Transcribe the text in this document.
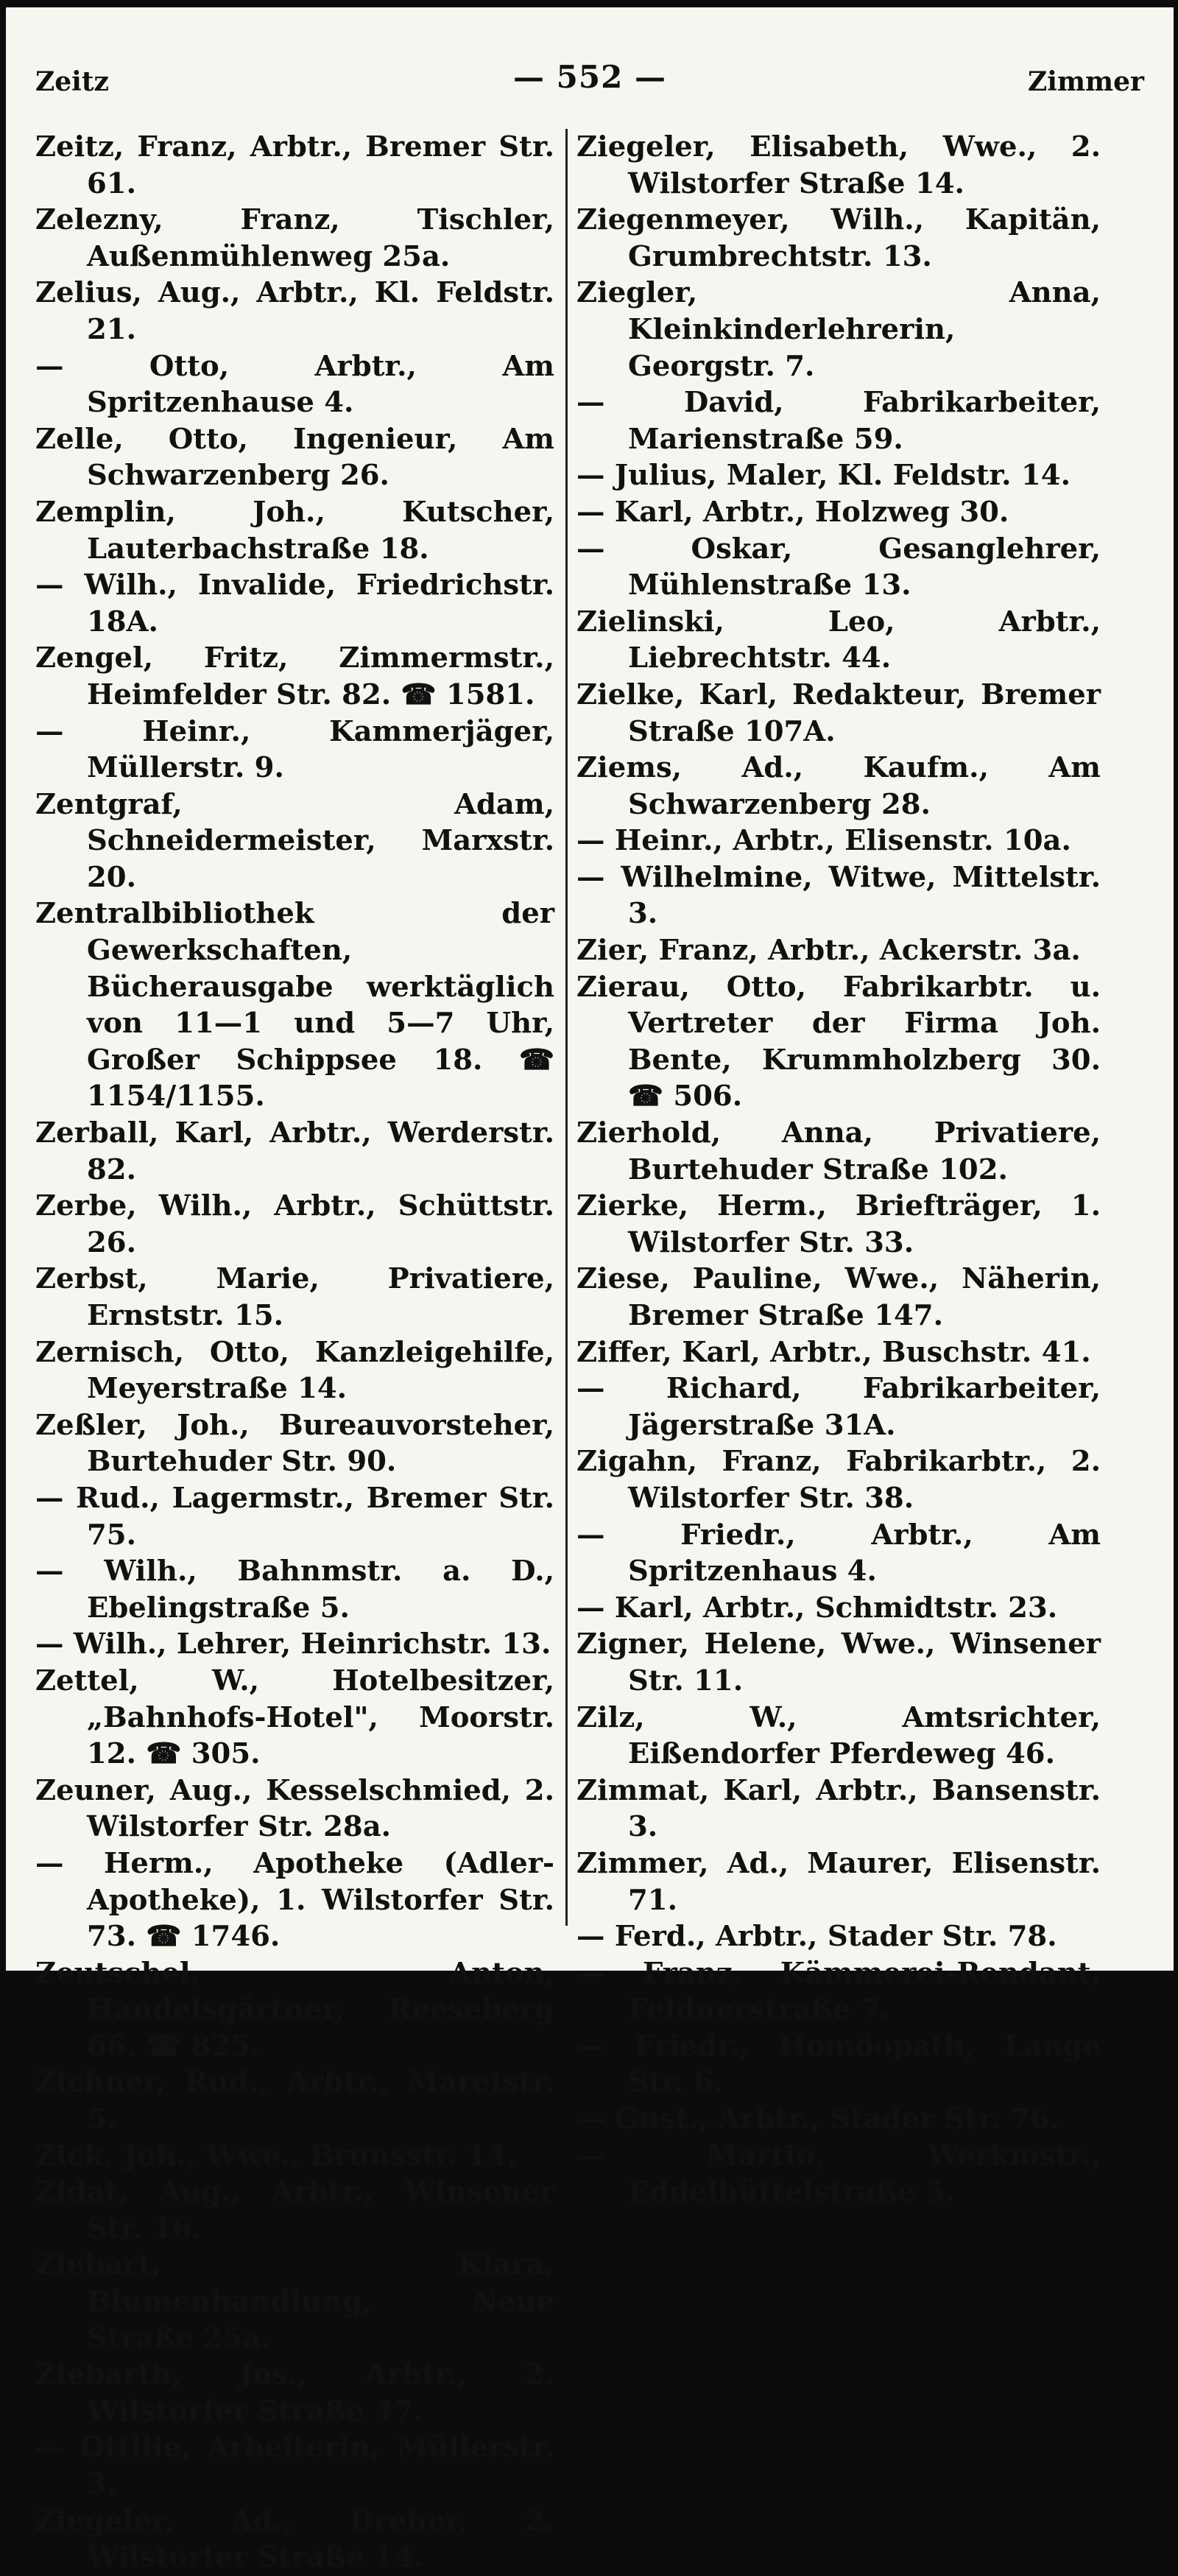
Zeitz	— 552 —	Zimmer
Zeitz, Franz, Arbtr., Bremer Str. 61.
Zelezny, Franz, Tischler, Außenmühlenweg 25a.
Zelius, Aug., Arbtr., Kl. Feldstr. 21.
— Otto, Arbtr., Am Spritzenhause 4.
Zelle, Otto, Ingenieur, Am Schwarzenberg 26.
Zemplin, Joh., Kutscher, Lauterbachstraße 18.
— Wilh., Invalide, Friedrichstr. 18A.
Zengel, Fritz, Zimmermstr., Heimfelder Str. 82. ☎ 1581.
— Heinr., Kammerjäger, Müllerstr. 9.
Zentgraf, Adam, Schneidermeister, Marxstr. 20.
Zentralbibliothek der Gewerkschaften, Bücherausgabe werktäglich von 11—1 und 5—7 Uhr, Großer Schippsee 18. ☎ 1154/1155.
Zerball, Karl, Arbtr., Werderstr. 82.
Zerbe, Wilh., Arbtr., Schüttstr. 26.
Zerbst, Marie, Privatiere, Ernststr. 15.
Zernisch, Otto, Kanzleigehilfe, Meyerstraße 14.
Zeßler, Joh., Bureauvorsteher, Burtehuder Str. 90.
— Rud., Lagermstr., Bremer Str. 75.
— Wilh., Bahnmstr. a. D., Ebelingstraße 5.
— Wilh., Lehrer, Heinrichstr. 13.
Zettel, W., Hotelbesitzer, „Bahnhofs-Hotel", Moorstr. 12. ☎ 305.
Zeuner, Aug., Kesselschmied, 2. Wilstorfer Str. 28a.
— Herm., Apotheke (Adler-Apotheke), 1. Wilstorfer Str. 73. ☎ 1746.
Zeutschel, Anton, Handelsgärtner, Reeseberg 66. ☎ 825.
Zichner, Rud., Arbtr., Maretstr. 5.
Zick, Joh., Wwe., Brunsstr. 14.
Zidat, Aug., Arbtr., Winsener Str. 16.
Ziebart, Klara, Blumenhandlung, Neue Straße 25a.
Ziebarth, Jos., Arbtr., 2. Wilstorfer Straße 47.
— Ottilie, Arbeiterin, Müllerstr. 3.
Ziegeler, Ad., Dreher, 2. Wilstorfer Straße 14.
Ziegeler, Elisabeth, Wwe., 2. Wilstorfer Straße 14.
Ziegenmeyer, Wilh., Kapitän, Grumbrechtstr. 13.
Ziegler, Anna, Kleinkinderlehrerin, Georgstr. 7.
— David, Fabrikarbeiter, Marienstraße 59.
— Julius, Maler, Kl. Feldstr. 14.
— Karl, Arbtr., Holzweg 30.
— Oskar, Gesanglehrer, Mühlenstraße 13.
Zielinski, Leo, Arbtr., Liebrechtstr. 44.
Zielke, Karl, Redakteur, Bremer Straße 107A.
Ziems, Ad., Kaufm., Am Schwarzenberg 28.
— Heinr., Arbtr., Elisenstr. 10a.
— Wilhelmine, Witwe, Mittelstr. 3.
Zier, Franz, Arbtr., Ackerstr. 3a.
Zierau, Otto, Fabrikarbtr. u. Vertreter der Firma Joh. Bente, Krummholzberg 30. ☎ 506.
Zierhold, Anna, Privatiere, Burtehuder Straße 102.
Zierke, Herm., Briefträger, 1. Wilstorfer Str. 33.
Ziese, Pauline, Wwe., Näherin, Bremer Straße 147.
Ziffer, Karl, Arbtr., Buschstr. 41.
— Richard, Fabrikarbeiter, Jägerstraße 31A.
Zigahn, Franz, Fabrikarbtr., 2. Wilstorfer Str. 38.
— Friedr., Arbtr., Am Spritzenhaus 4.
— Karl, Arbtr., Schmidtstr. 23.
Zigner, Helene, Wwe., Winsener Str. 11.
Zilz, W., Amtsrichter, Eißendorfer Pferdeweg 46.
Zimmat, Karl, Arbtr., Bansenstr. 3.
Zimmer, Ad., Maurer, Elisenstr. 71.
— Ferd., Arbtr., Stader Str. 78.
— Franz, Kämmerei-Rendant, Feldnerstraße 7.
— Friedr., Homöopath, Lange Str. 6.
— Gust., Arbtr., Stader Str. 76.
— Martin, Werkmstr., Eddelbüttelstraße 5.
